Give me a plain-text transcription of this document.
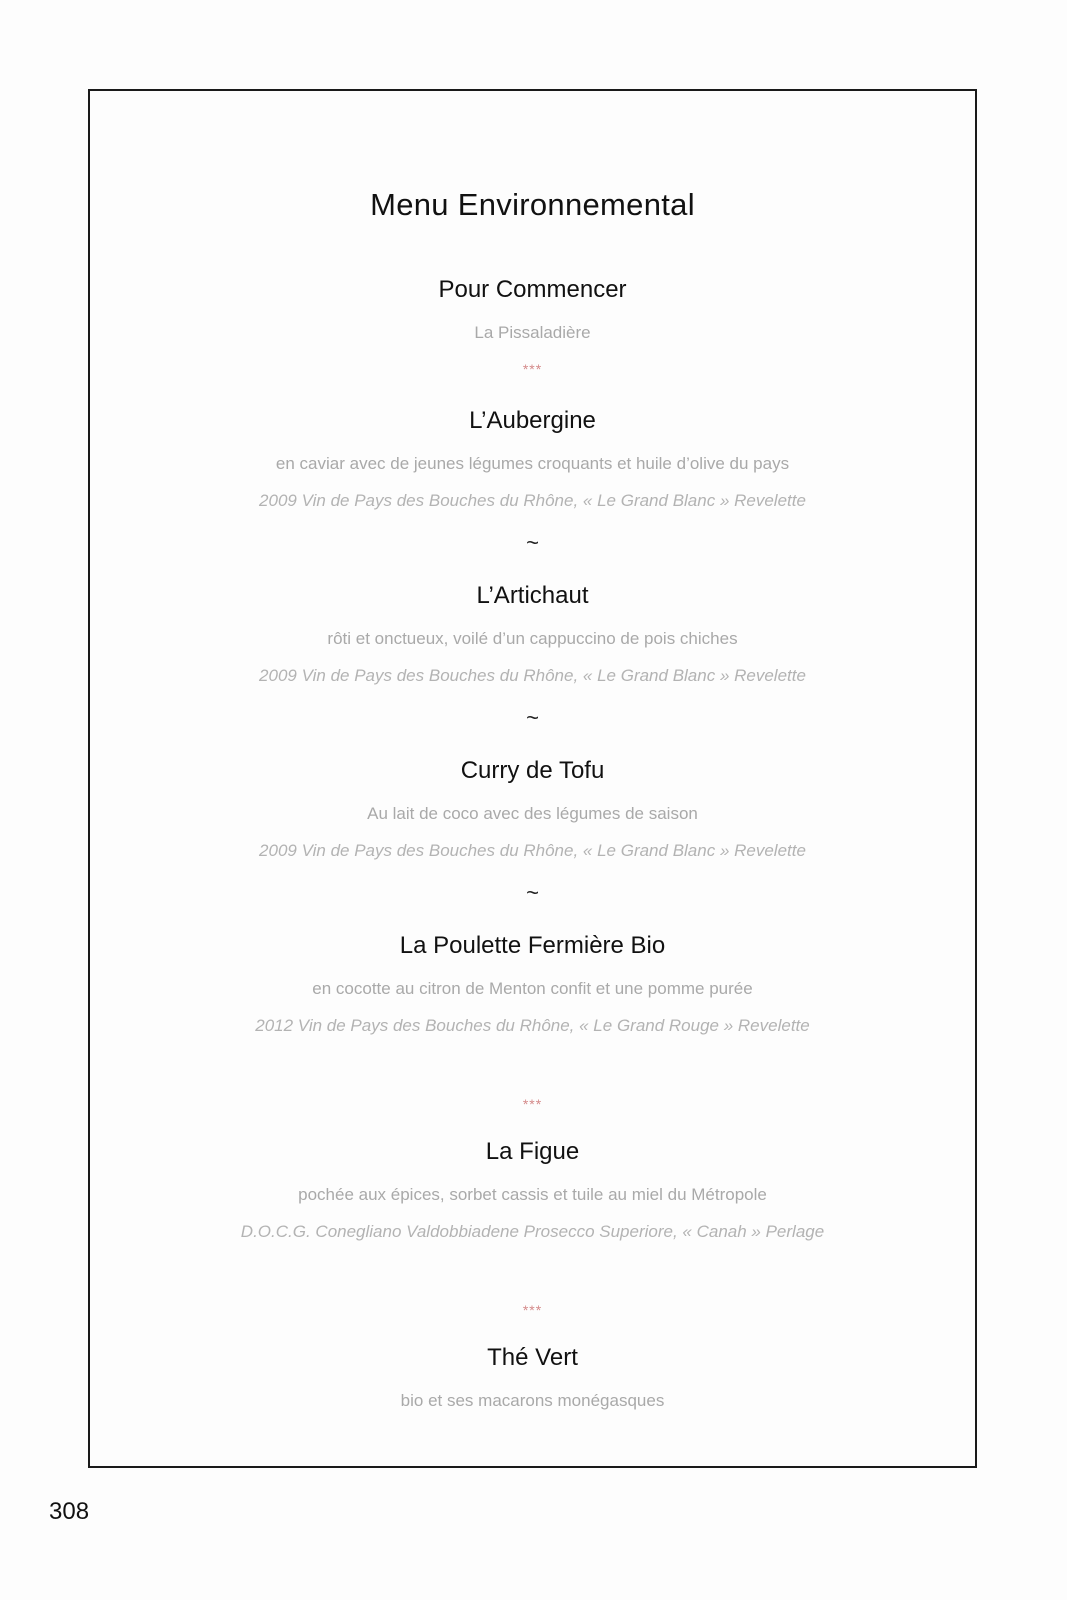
Menu Environnemental
Pour Commencer
La Pissaladière
***
L’Aubergine
en caviar avec de jeunes légumes croquants et huile d’olive du pays
2009 Vin de Pays des Bouches du Rhône, « Le Grand Blanc » Revelette
~
L’Artichaut
rôti et onctueux, voilé d’un cappuccino de pois chiches
2009 Vin de Pays des Bouches du Rhône, « Le Grand Blanc » Revelette
~
Curry de Tofu
Au lait de coco avec des légumes de saison
2009 Vin de Pays des Bouches du Rhône, « Le Grand Blanc » Revelette
~
La Poulette Fermière Bio
en cocotte au citron de Menton confit et une pomme purée
2012 Vin de Pays des Bouches du Rhône, « Le Grand Rouge » Revelette
***
La Figue
pochée aux épices, sorbet cassis et tuile au miel du Métropole
D.O.C.G. Conegliano Valdobbiadene Prosecco Superiore, « Canah » Perlage
***
Thé Vert
bio et ses macarons monégasques
308
